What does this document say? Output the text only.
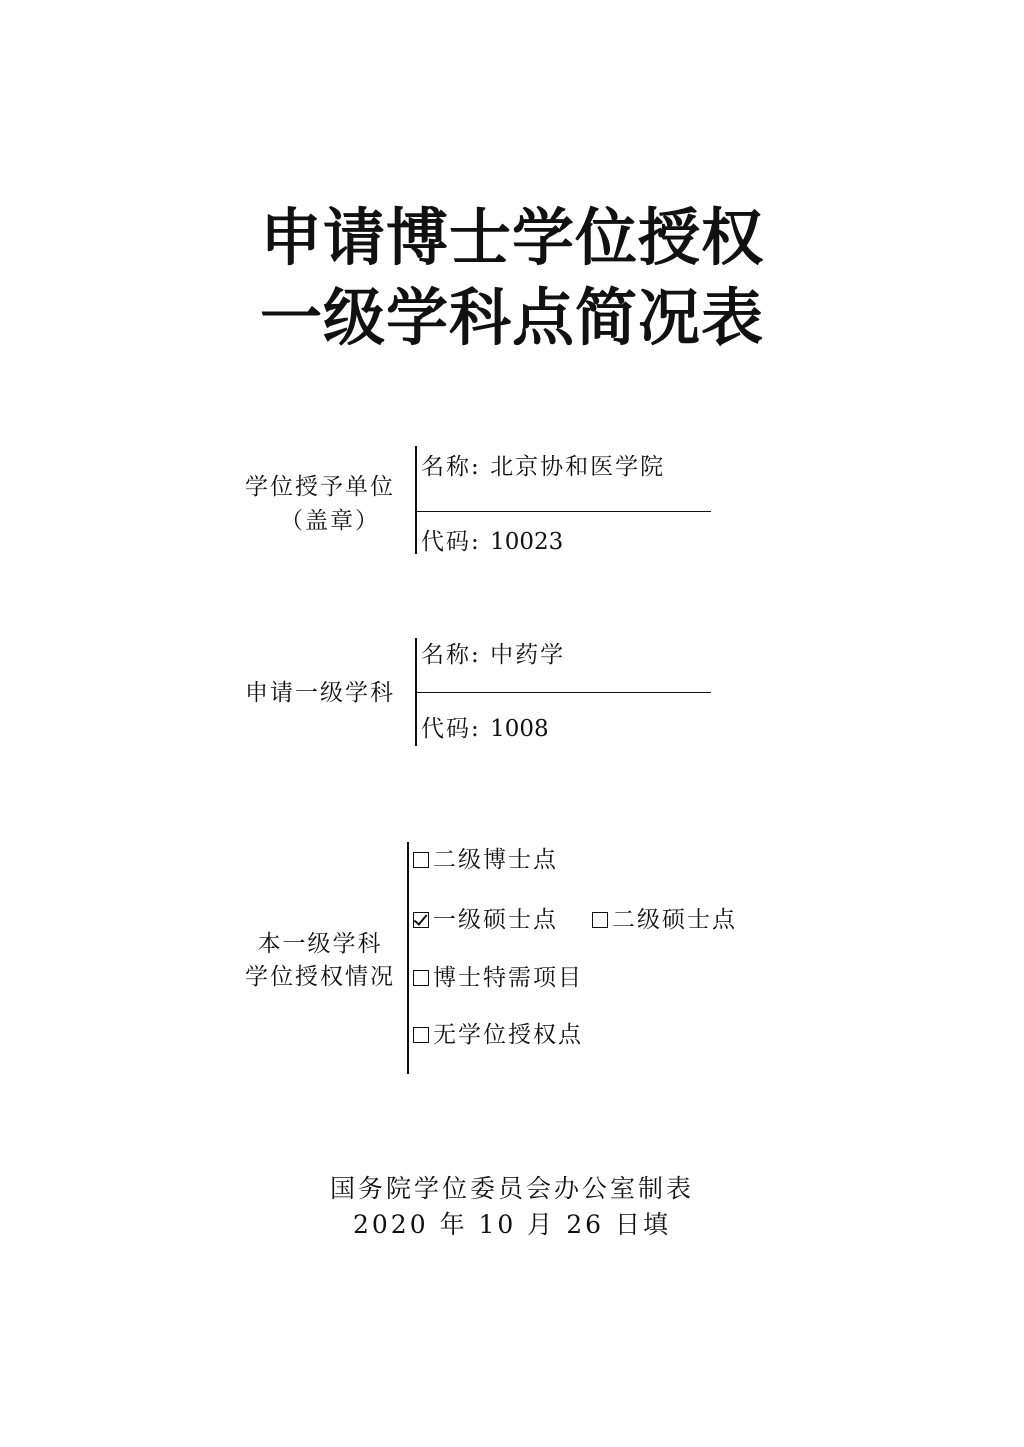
申请博士学位授权
一级学科点简况表
学位授予单位
（盖章）
名称: 北京协和医学院
代码: 10023
申请一级学科
名称: 中药学
代码: 1008
本一级学科
学位授权情况
二级博士点
一级硕士点	二级硕士点
博士特需项目
无学位授权点
国务院学位委员会办公室制表
2020 年 10 月 26 日填
